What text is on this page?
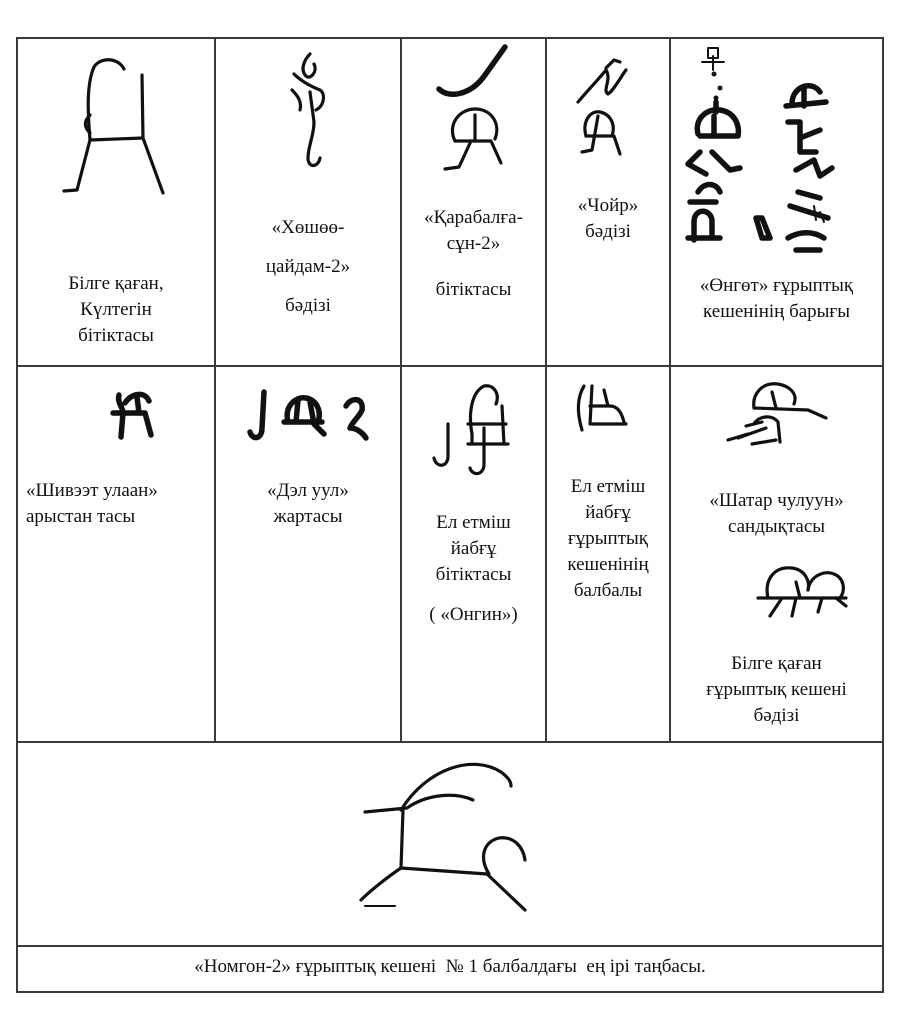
Білге қаған,
Күлтегін
бітіктасы
«Хөшөө-
цайдам-2»
бәдізі
«Қарабалға-
сұн-2»
бітіктасы
«Чойр»
бәдізі
«Өнгөт» ғұрыптық
кешенінің барығы
«Шивээт улаан»
арыстан тасы
«Дэл уул»
жартасы	Ел етміш
йабғұ
бітіктасы
( «Онгин»)
Ел етміш
йабғұ
ғұрыптық
кешенінің
балбалы
«Шатар чулуун»
сандықтасы
Білге қаған
ғұрыптық кешені
бәдізі
«Номгон-2» ғұрыптық кешені  № 1 балбалдағы  ең ірі таңбасы.
